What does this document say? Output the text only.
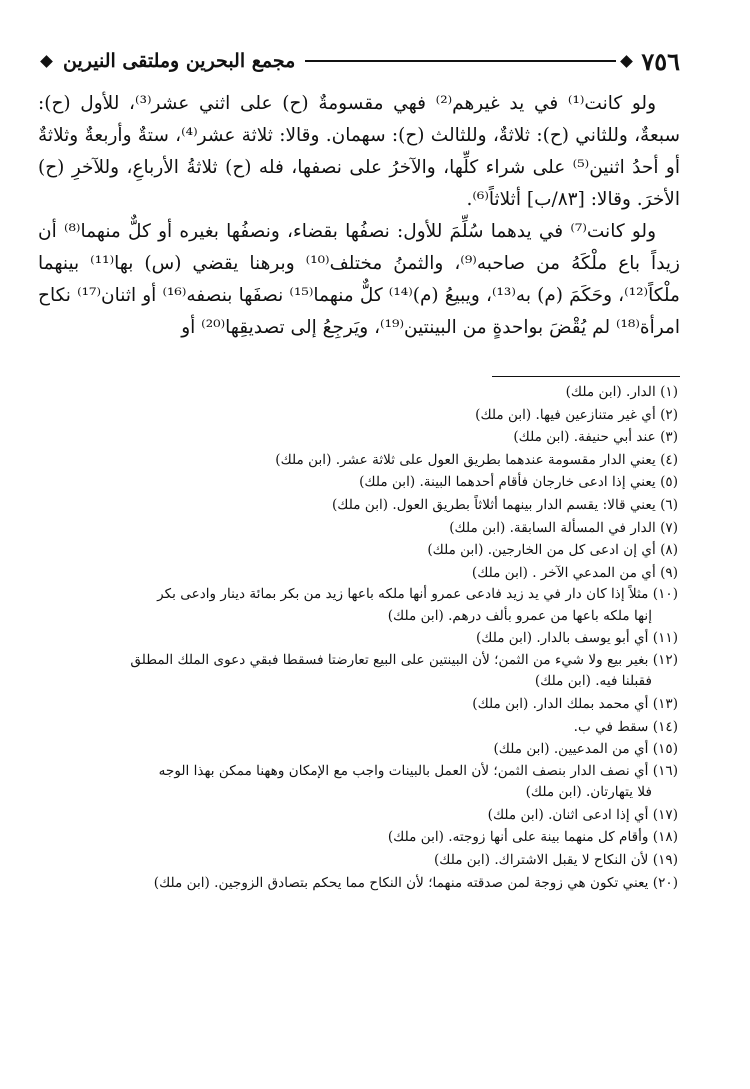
٧٥٦
مجمع البحرين وملتقى النيرين

ولو كانت⁽¹⁾ في يد غيرهم⁽²⁾ فهي مقسومةٌ (ح) على اثني عشر⁽³⁾، للأول (ح): سبعةٌ، وللثاني (ح): ثلاثةٌ، وللثالث (ح): سهمان. وقالا: ثلاثة عشر⁽⁴⁾، ستةٌ وأربعةٌ وثلاثةٌ أو أحدُ اثنين⁽⁵⁾ على شراء كلِّها، والآخرُ على نصفها، فله (ح) ثلاثةُ الأرباعِ، وللآخرِ (ح) الأخرَ. وقالا: [٨٣/ب] أثلاثاً⁽⁶⁾.

ولو كانت⁽⁷⁾ في يدهما سُلِّمَ للأول: نصفُها بقضاء، ونصفُها بغيره أو كلٌّ منهما⁽⁸⁾ أن زيداً باع ملْكَهُ من صاحبه⁽⁹⁾، والثمنُ مختلف⁽¹⁰⁾ وبرهنا يقضي (س) بها⁽¹¹⁾ بينهما ملْكاً⁽¹²⁾، وحَكَمَ (م) به⁽¹³⁾، ويبيعُ (م)⁽¹⁴⁾ كلٌّ منهما⁽¹⁵⁾ نصفَها بنصفه⁽¹⁶⁾ أو اثنان⁽¹⁷⁾ نكاح امرأة⁽¹⁸⁾ لم يُقْضَ بواحدةٍ من البينتين⁽¹⁹⁾، ويَرجِعُ إلى تصديقِها⁽²⁰⁾ أو

(١) الدار. (ابن ملك)

(٢) أي غير متنازعين فيها. (ابن ملك)

(٣) عند أبي حنيفة. (ابن ملك)

(٤) يعني الدار مقسومة عندهما بطريق العول على ثلاثة عشر. (ابن ملك)

(٥) يعني إذا ادعى خارجان فأقام أحدهما البينة. (ابن ملك)

(٦) يعني قالا: يقسم الدار بينهما أثلاثاً بطريق العول. (ابن ملك)

(٧) الدار في المسألة السابقة. (ابن ملك)

(٨) أي إن ادعى كل من الخارجين. (ابن ملك)

(٩) أي من المدعي الآخر . (ابن ملك)

(١٠) مثلاً إذا كان دار في يد زيد فادعى عمرو أنها ملكه باعها زيد من بكر بمائة دينار وادعى بكر
إنها ملكه باعها من عمرو بألف درهم. (ابن ملك)

(١١) أي أبو يوسف بالدار. (ابن ملك)

(١٢) بغير بيع ولا شيء من الثمن؛ لأن البينتين على البيع تعارضتا فسقطا فبقي دعوى الملك المطلق
فقبلنا فيه. (ابن ملك)

(١٣) أي محمد بملك الدار. (ابن ملك)

(١٤) سقط في ب.

(١٥) أي من المدعيين. (ابن ملك)

(١٦) أي نصف الدار بنصف الثمن؛ لأن العمل بالبينات واجب مع الإمكان وههنا ممكن بهذا الوجه
فلا يتهارتان. (ابن ملك)

(١٧) أي إذا ادعى اثنان. (ابن ملك)

(١٨) وأقام كل منهما بينة على أنها زوجته. (ابن ملك)

(١٩) لأن النكاح لا يقبل الاشتراك. (ابن ملك)

(٢٠) يعني تكون هي زوجة لمن صدقته منهما؛ لأن النكاح مما يحكم بتصادق الزوجين. (ابن ملك)
